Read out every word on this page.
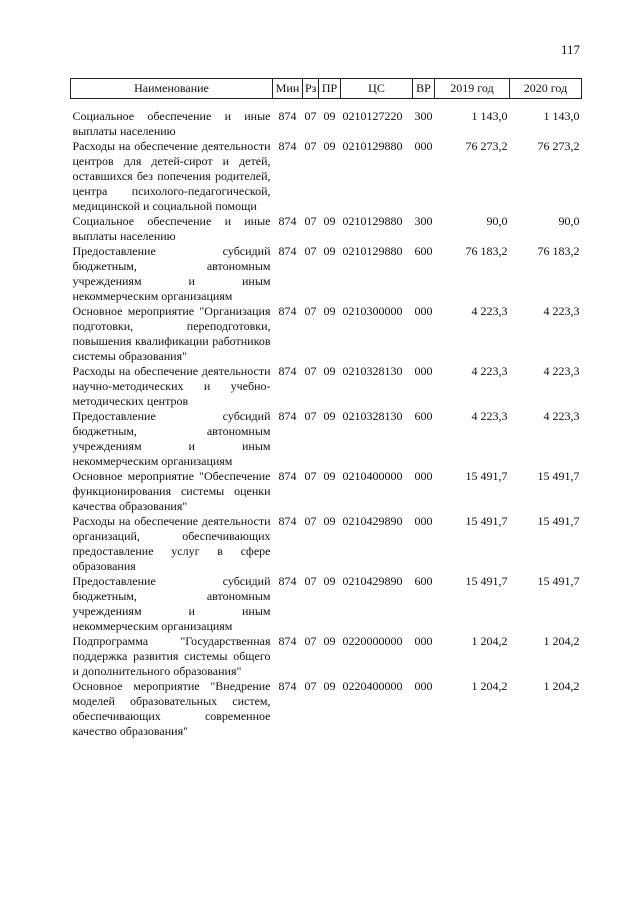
117
Наименование	Мин	Рз	ПР	ЦС	ВР	2019 год	2020 год

Социальное обеспечение и иные выплаты населению	874	07	09	0210127220	300	1 143,0	1 143,0
Расходы на обеспечение деятельности центров для детей-сирот и детей, оставшихся без попечения родителей, центра психолого-педагогической, медицинской и социальной помощи	874	07	09	0210129880	000	76 273,2	76 273,2
Социальное обеспечение и иные выплаты населению	874	07	09	0210129880	300	90,0	90,0
Предоставление субсидий бюджетным, автономным учреждениям и иным некоммерческим организациям	874	07	09	0210129880	600	76 183,2	76 183,2
Основное мероприятие "Организация подготовки, переподготовки, повышения квалификации работников системы образования"	874	07	09	0210300000	000	4 223,3	4 223,3
Расходы на обеспечение деятельности научно-методических и учебно-методических центров	874	07	09	0210328130	000	4 223,3	4 223,3
Предоставление субсидий бюджетным, автономным учреждениям и иным некоммерческим организациям	874	07	09	0210328130	600	4 223,3	4 223,3
Основное мероприятие "Обеспечение функционирования системы оценки качества образования"	874	07	09	0210400000	000	15 491,7	15 491,7
Расходы на обеспечение деятельности организаций, обеспечивающих предоставление услуг в сфере образования	874	07	09	0210429890	000	15 491,7	15 491,7
Предоставление субсидий бюджетным, автономным учреждениям и иным некоммерческим организациям	874	07	09	0210429890	600	15 491,7	15 491,7
Подпрограмма "Государственная поддержка развития системы общего и дополнительного образования"	874	07	09	0220000000	000	1 204,2	1 204,2
Основное мероприятие "Внедрение моделей образовательных систем, обеспечивающих современное качество образования"	874	07	09	0220400000	000	1 204,2	1 204,2
